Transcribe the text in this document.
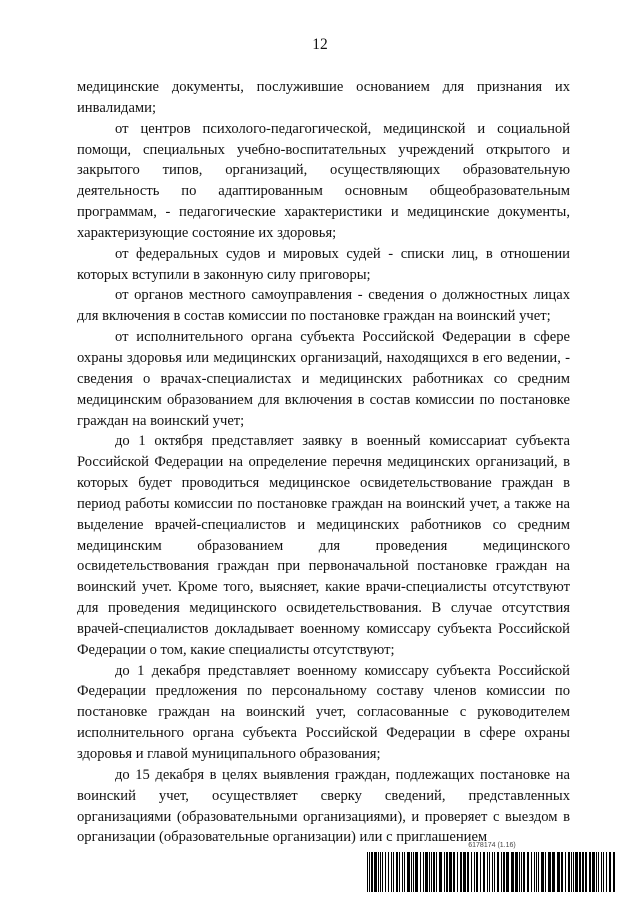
12

медицинские документы, послужившие основанием для признания их инвалидами;

от центров психолого-педагогической, медицинской и социальной помощи, специальных учебно-воспитательных учреждений открытого и закрытого типов, организаций, осуществляющих образовательную деятельность по адаптированным основным общеобразовательным программам, - педагогические характеристики и медицинские документы, характеризующие состояние их здоровья;

от федеральных судов и мировых судей - списки лиц, в отношении которых вступили в законную силу приговоры;

от органов местного самоуправления - сведения о должностных лицах для включения в состав комиссии по постановке граждан на воинский учет;

от исполнительного органа субъекта Российской Федерации в сфере охраны здоровья или медицинских организаций, находящихся в его ведении, - сведения о врачах-специалистах и медицинских работниках со средним медицинским образованием для включения в состав комиссии по постановке граждан на воинский учет;

до 1 октября представляет заявку в военный комиссариат субъекта Российской Федерации на определение перечня медицинских организаций, в которых будет проводиться медицинское освидетельствование граждан в период работы комиссии по постановке граждан на воинский учет, а также на выделение врачей-специалистов и медицинских работников со средним медицинским образованием для проведения медицинского освидетельствования граждан при первоначальной постановке граждан на воинский учет. Кроме того, выясняет, какие врачи-специалисты отсутствуют для проведения медицинского освидетельствования. В случае отсутствия врачей-специалистов докладывает военному комиссару субъекта Российской Федерации о том, какие специалисты отсутствуют;

до 1 декабря представляет военному комиссару субъекта Российской Федерации предложения по персональному составу членов комиссии по постановке граждан на воинский учет, согласованные с руководителем исполнительного органа субъекта Российской Федерации в сфере охраны здоровья и главой муниципального образования;

до 15 декабря в целях выявления граждан, подлежащих постановке на воинский учет, осуществляет сверку сведений, представленных организациями (образовательными организациями), и проверяет с выездом в организации (образовательные организации) или с приглашением

6178174 (1.16)
